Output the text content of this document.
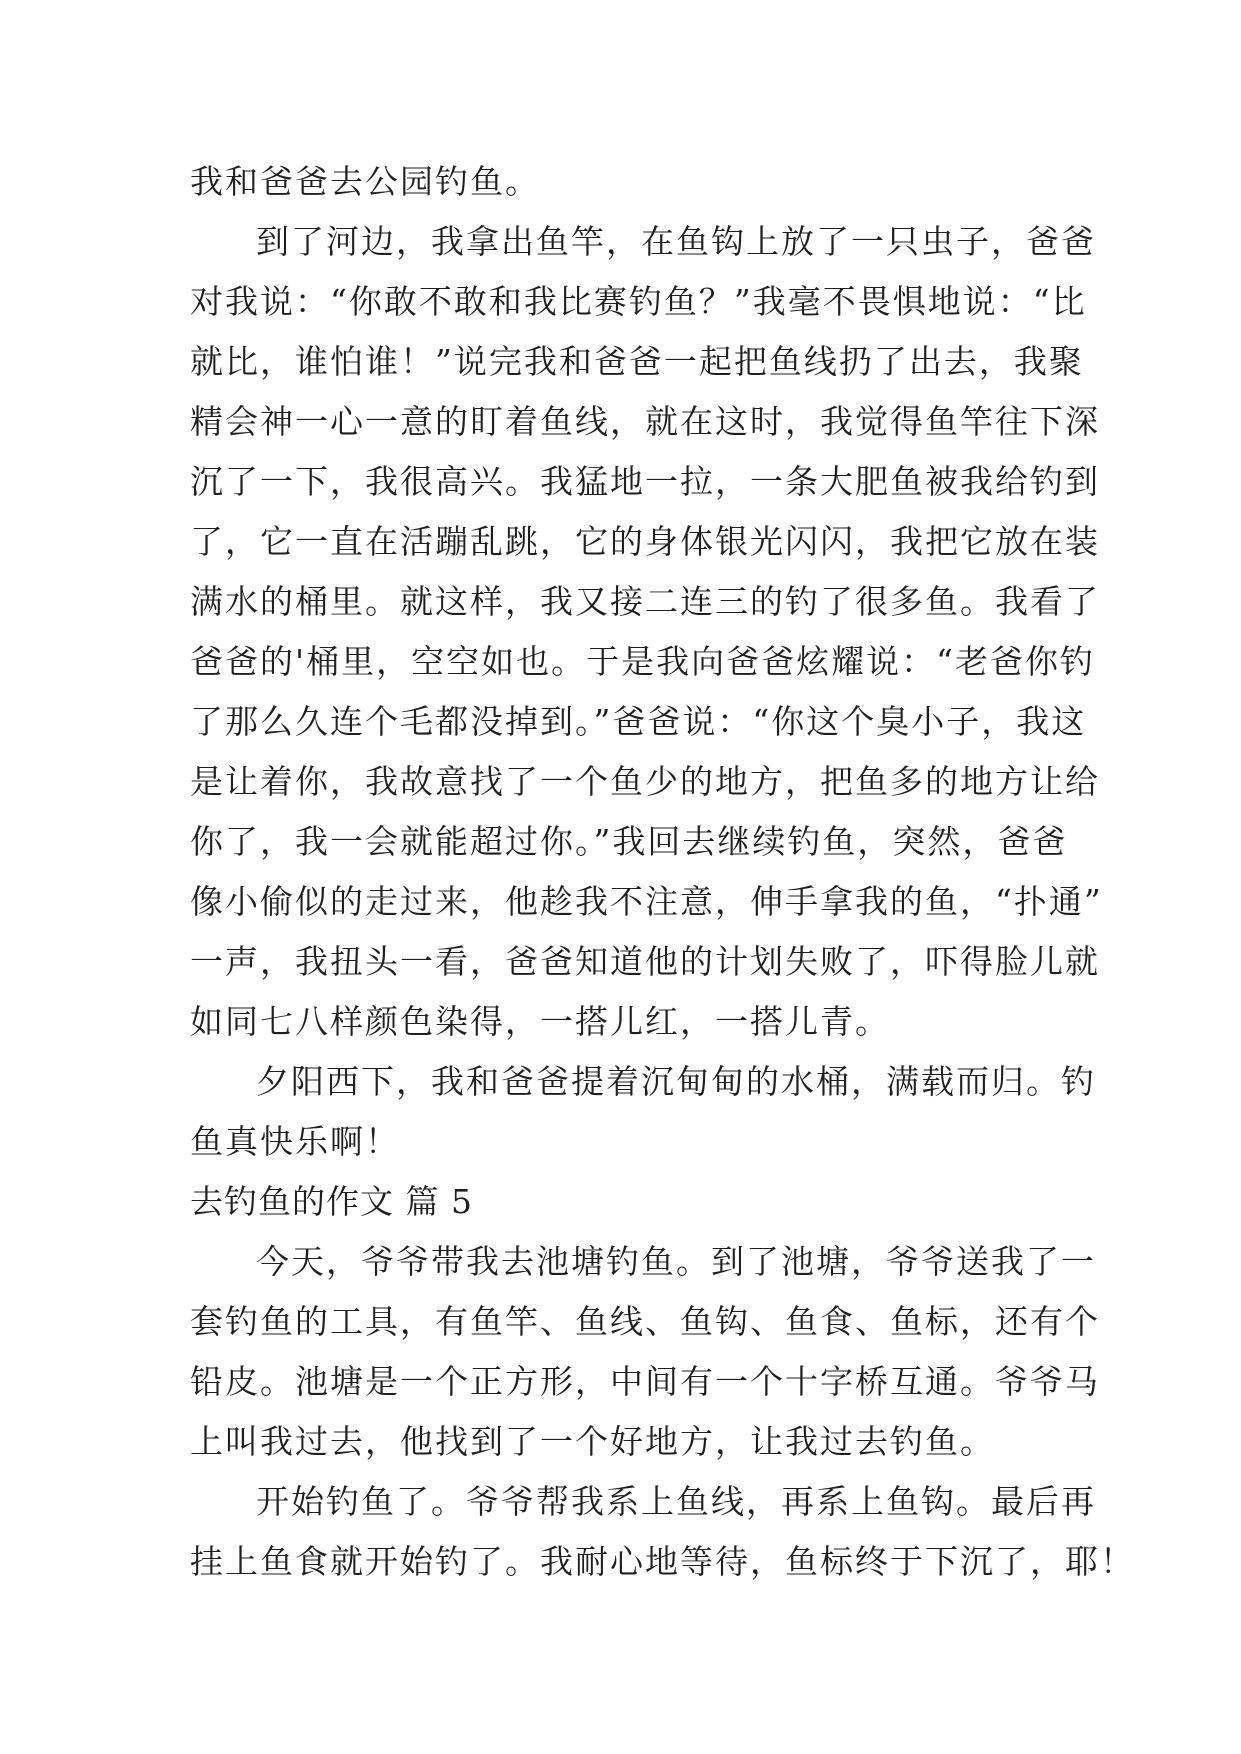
我和爸爸去公园钓鱼。
到了河边，我拿出鱼竿，在鱼钩上放了一只虫子，爸爸
对我说：“你敢不敢和我比赛钓鱼？”我毫不畏惧地说：“比
就比，谁怕谁！”说完我和爸爸一起把鱼线扔了出去，我聚
精会神一心一意的盯着鱼线，就在这时，我觉得鱼竿往下深
沉了一下，我很高兴。我猛地一拉，一条大肥鱼被我给钓到
了，它一直在活蹦乱跳，它的身体银光闪闪，我把它放在装
满水的桶里。就这样，我又接二连三的钓了很多鱼。我看了
爸爸的'桶里，空空如也。于是我向爸爸炫耀说：“老爸你钓
了那么久连个毛都没掉到。”爸爸说：“你这个臭小子，我这
是让着你，我故意找了一个鱼少的地方，把鱼多的地方让给
你了，我一会就能超过你。”我回去继续钓鱼，突然，爸爸
像小偷似的走过来，他趁我不注意，伸手拿我的鱼，“扑通”
一声，我扭头一看，爸爸知道他的计划失败了，吓得脸儿就
如同七八样颜色染得，一搭儿红，一搭儿青。
夕阳西下，我和爸爸提着沉甸甸的水桶，满载而归。钓
鱼真快乐啊！
去钓鱼的作文 篇 5
今天，爷爷带我去池塘钓鱼。到了池塘，爷爷送我了一
套钓鱼的工具，有鱼竿、鱼线、鱼钩、鱼食、鱼标，还有个
铅皮。池塘是一个正方形，中间有一个十字桥互通。爷爷马
上叫我过去，他找到了一个好地方，让我过去钓鱼。
开始钓鱼了。爷爷帮我系上鱼线，再系上鱼钩。最后再
挂上鱼食就开始钓了。我耐心地等待，鱼标终于下沉了，耶！
